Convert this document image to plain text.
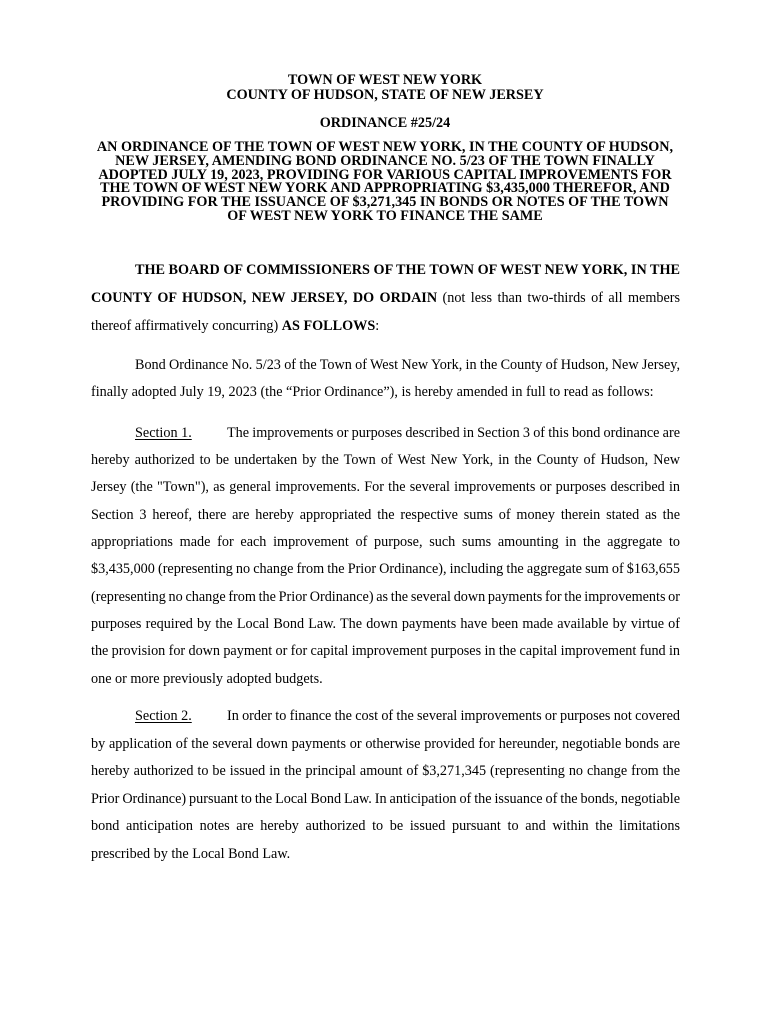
TOWN OF WEST NEW YORK
COUNTY OF HUDSON, STATE OF NEW JERSEY
ORDINANCE #25/24
AN ORDINANCE OF THE TOWN OF WEST NEW YORK, IN THE COUNTY OF HUDSON,
NEW JERSEY, AMENDING BOND ORDINANCE NO. 5/23 OF THE TOWN FINALLY
ADOPTED JULY 19, 2023, PROVIDING FOR VARIOUS CAPITAL IMPROVEMENTS FOR
THE TOWN OF WEST NEW YORK AND APPROPRIATING $3,435,000 THEREFOR, AND
PROVIDING FOR THE ISSUANCE OF $3,271,345 IN BONDS OR NOTES OF THE TOWN
OF WEST NEW YORK TO FINANCE THE SAME
THE BOARD OF COMMISSIONERS OF THE TOWN OF WEST NEW YORK, IN THE
COUNTY OF HUDSON, NEW JERSEY, DO ORDAIN (not less than two-thirds of all members
thereof affirmatively concurring) AS FOLLOWS:
Bond Ordinance No. 5/23 of the Town of West New York, in the County of Hudson, New Jersey,
finally adopted July 19, 2023 (the “Prior Ordinance”), is hereby amended in full to read as follows:
Section 1. The improvements or purposes described in Section 3 of this bond ordinance are
hereby authorized to be undertaken by the Town of West New York, in the County of Hudson, New
Jersey (the "Town"), as general improvements. For the several improvements or purposes described in
Section 3 hereof, there are hereby appropriated the respective sums of money therein stated as the
appropriations made for each improvement of purpose, such sums amounting in the aggregate to
$3,435,000 (representing no change from the Prior Ordinance), including the aggregate sum of $163,655
(representing no change from the Prior Ordinance) as the several down payments for the improvements or
purposes required by the Local Bond Law. The down payments have been made available by virtue of
the provision for down payment or for capital improvement purposes in the capital improvement fund in
one or more previously adopted budgets.
Section 2. In order to finance the cost of the several improvements or purposes not covered
by application of the several down payments or otherwise provided for hereunder, negotiable bonds are
hereby authorized to be issued in the principal amount of $3,271,345 (representing no change from the
Prior Ordinance) pursuant to the Local Bond Law. In anticipation of the issuance of the bonds, negotiable
bond anticipation notes are hereby authorized to be issued pursuant to and within the limitations
prescribed by the Local Bond Law.
